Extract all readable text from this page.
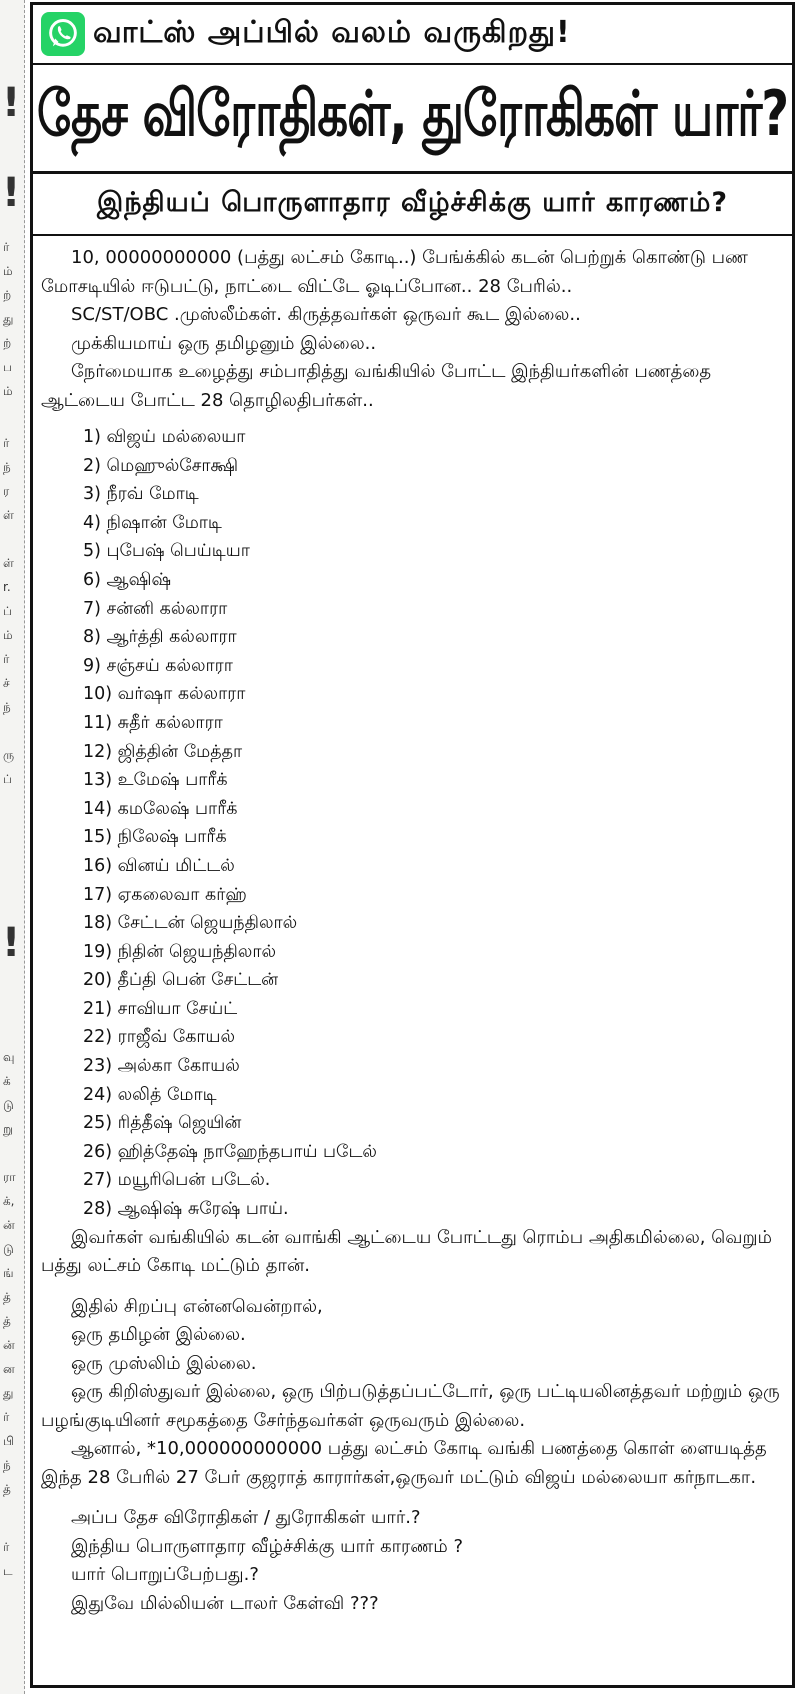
!
!
ர்
ம்
ற்
து
ற்
ப
ம்
ர்
ந்
ர
ள்
ள்
r.
ப்
ம்
ர்
ச்
ந்
ரு
ப்
!
வு
க்
டு
று
ரா
க்,
ன்
டு
ங்
த்
த்
ன்
ன
து
ர்
பி
ந்
த்
ர்
ட
வாட்ஸ் அப்பில் வலம் வருகிறது!
தேச விரோதிகள், துரோகிகள் யார்?
இந்தியப் பொருளாதார வீழ்ச்சிக்கு யார் காரணம்?

10, 00000000000 (பத்து லட்சம் கோடி..) பேங்க்கில் கடன் பெற்றுக் கொண்டு பண மோசடியில் ஈடுபட்டு, நாட்டை விட்டே ஓடிப்போன.. 28 பேரில்..

SC/ST/OBC .முஸ்லீம்கள். கிருத்தவர்கள் ஒருவர் கூட இல்லை..

முக்கியமாய் ஒரு தமிழனும் இல்லை..

நேர்மையாக உழைத்து சம்பாதித்து வங்கியில் போட்ட இந்தியர்களின் பணத்தை ஆட்டைய போட்ட 28 தொழிலதிபர்கள்..

1) விஜய் மல்லையா
2) மெஹுல்சோக்ஷி
3) நீரவ் மோடி
4) நிஷான் மோடி
5) புபேஷ் பெய்டியா
6) ஆஷிஷ்
7) சன்னி கல்லாரா
8) ஆர்த்தி கல்லாரா
9) சஞ்சய் கல்லாரா
10) வர்ஷா கல்லாரா
11) சுதீர் கல்லாரா
12) ஜித்தின் மேத்தா
13) உமேஷ் பாரீக்
14) கமலேஷ் பாரீக்
15) நிலேஷ் பாரீக்
16) வினய் மிட்டல்
17) ஏகலைவா கர்ஹ்
18) சேட்டன் ஜெயந்திலால்
19) நிதின் ஜெயந்திலால்
20) தீப்தி பென் சேட்டன்
21) சாவியா சேய்ட்
22) ராஜீவ் கோயல்
23) அல்கா கோயல்
24) லலித் மோடி
25) ரித்தீஷ் ஜெயின்
26) ஹித்தேஷ் நாஹேந்தபாய் படேல்
27) மயூரிபென் படேல்.
28) ஆஷிஷ் சுரேஷ் பாய்.

இவர்கள் வங்கியில் கடன் வாங்கி ஆட்டைய போட்டது ரொம்ப அதிகமில்லை, வெறும் பத்து லட்சம் கோடி மட்டும் தான்.

இதில் சிறப்பு என்னவென்றால்,

ஒரு தமிழன் இல்லை.

ஒரு முஸ்லிம் இல்லை.

ஒரு கிறிஸ்துவர் இல்லை, ஒரு பிற்படுத்தப்பட்டோர், ஒரு பட்டியலினத்தவர் மற்றும் ஒரு பழங்குடியினர் சமூகத்தை சேர்ந்தவர்கள் ஒருவரும் இல்லை.

ஆனால், *10,000000000000 பத்து லட்சம் கோடி வங்கி பணத்தை கொள் ளையடித்த இந்த 28 பேரில் 27 பேர் குஜராத் காரார்கள்,ஒருவர் மட்டும் விஜய் மல்லையா கர்நாடகா.

அப்ப தேச விரோதிகள் / துரோகிகள் யார்.?

இந்திய பொருளாதார வீழ்ச்சிக்கு யார் காரணம் ?

யார் பொறுப்பேற்பது.?

இதுவே மில்லியன் டாலர் கேள்வி ???
